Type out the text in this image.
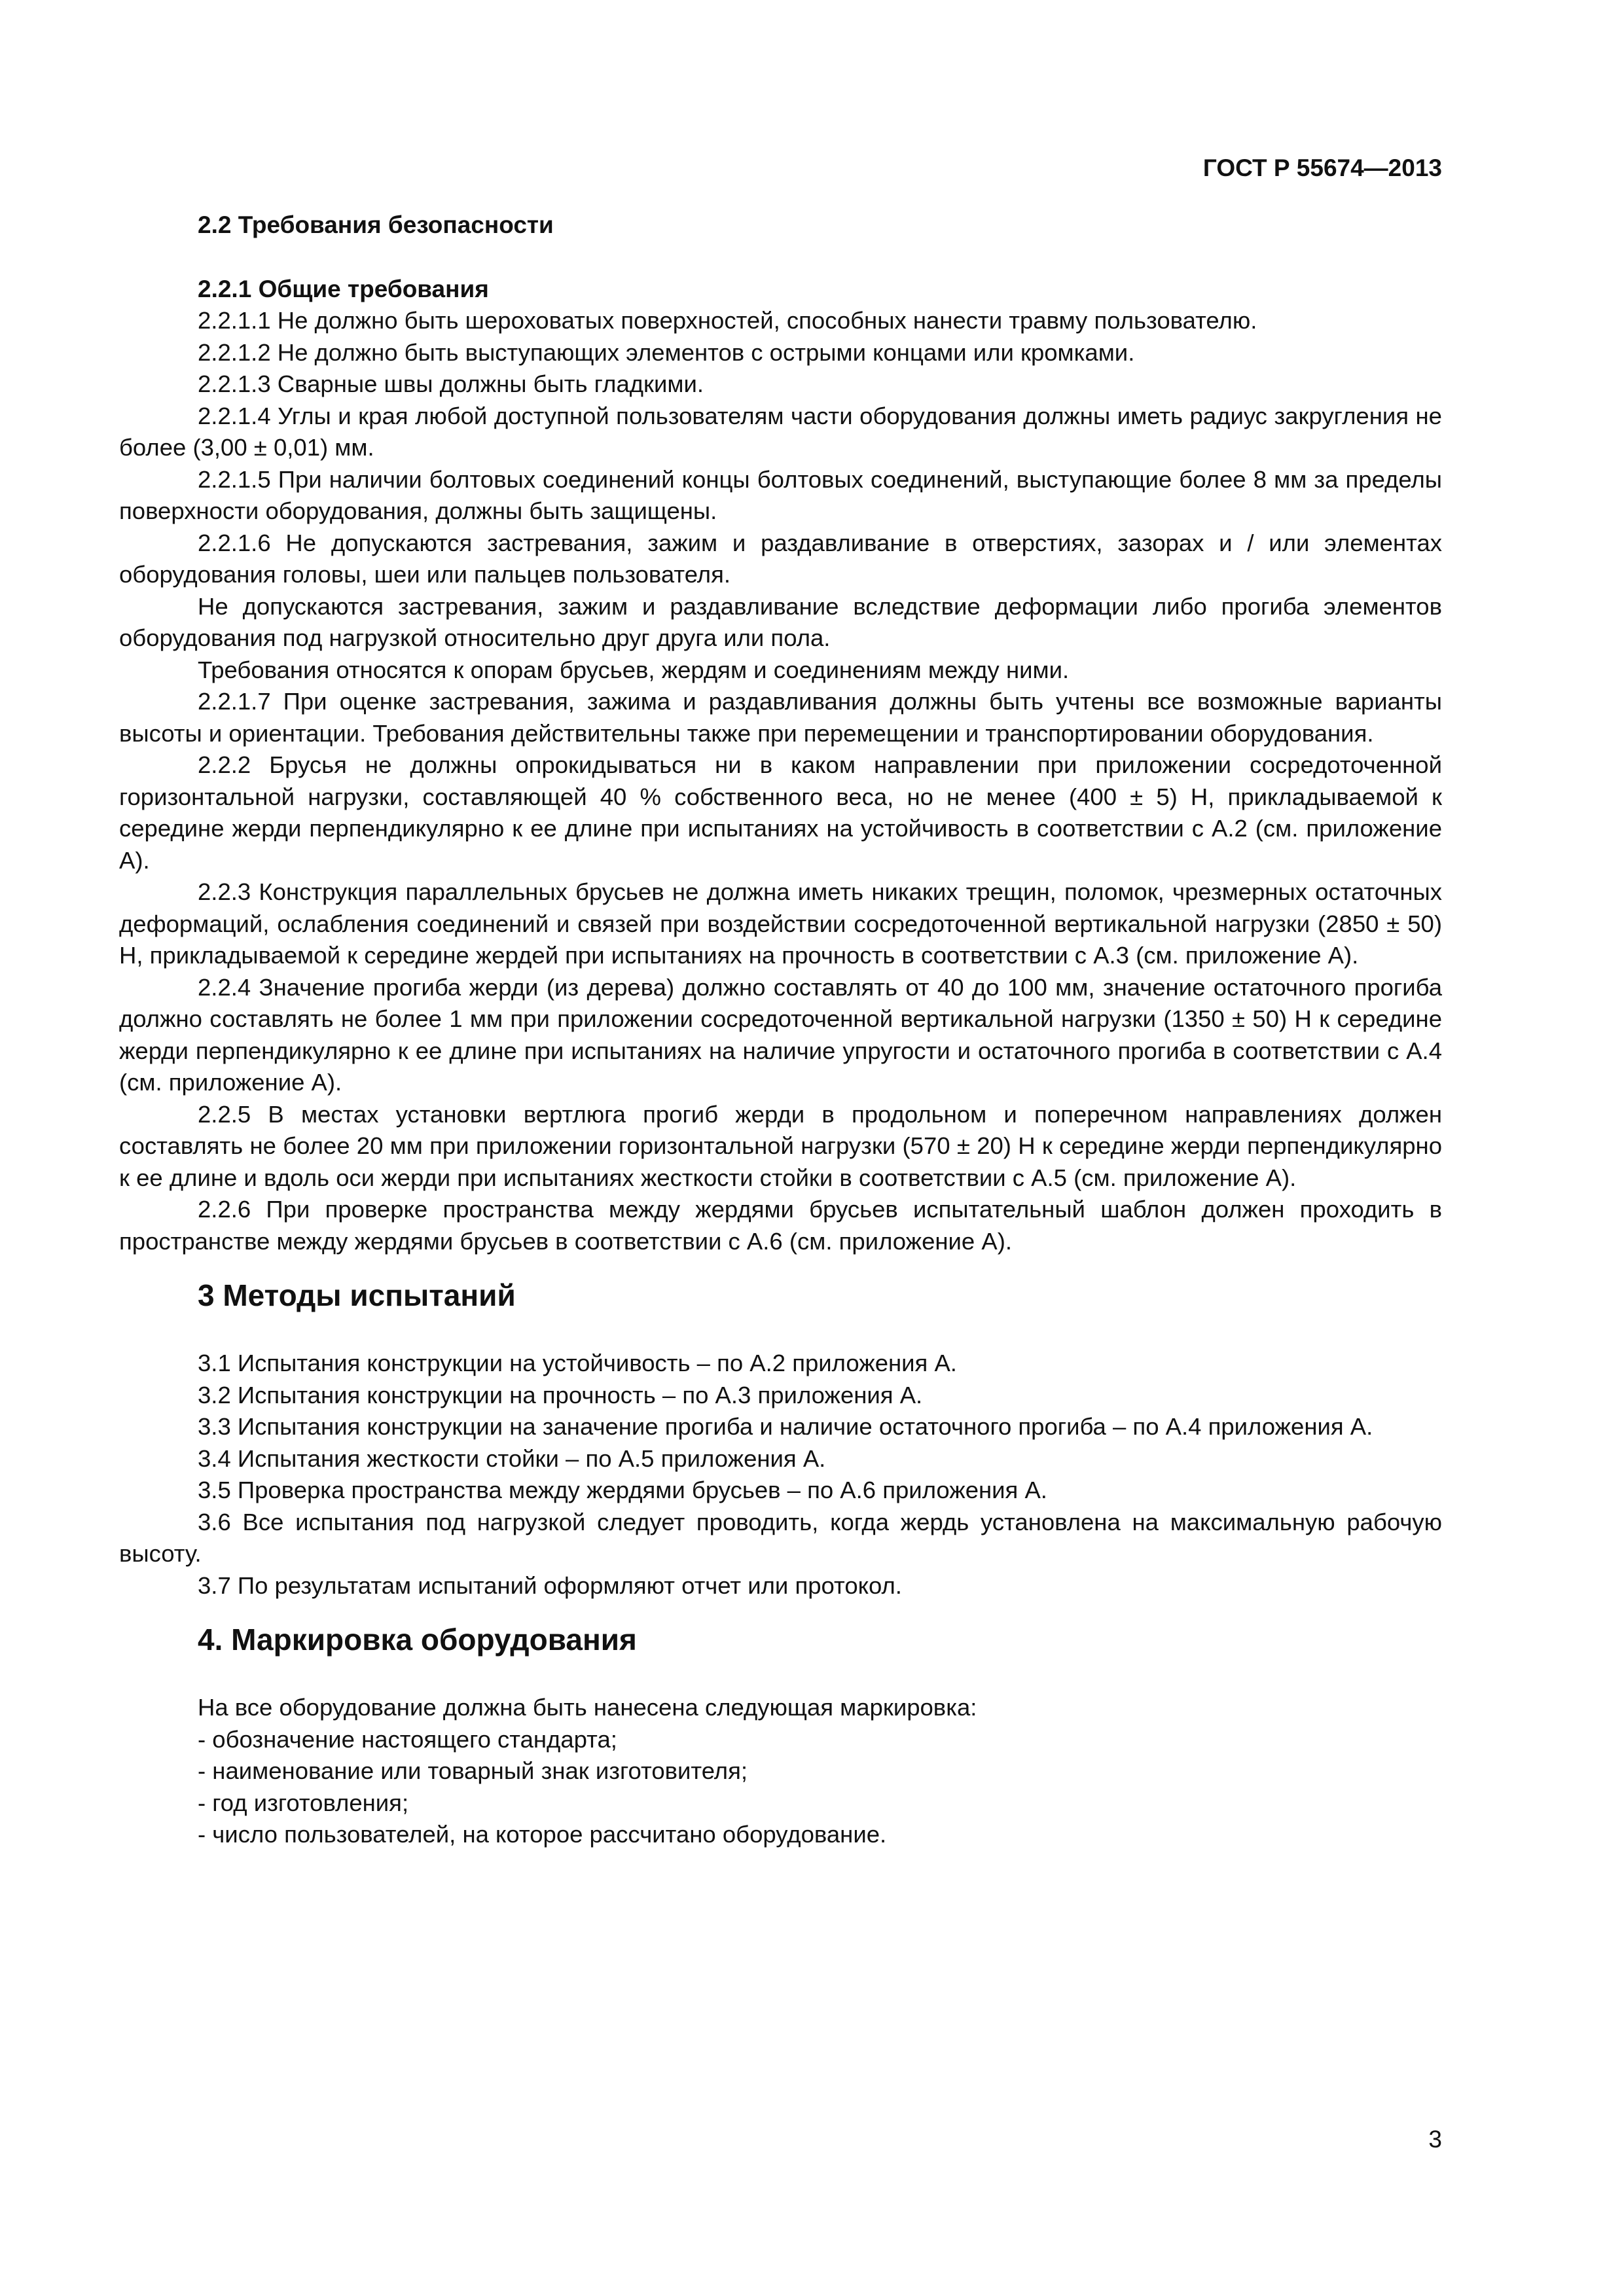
ГОСТ Р 55674—2013

2.2 Требования безопасности

2.2.1 Общие требования

2.2.1.1 Не должно быть шероховатых поверхностей, способных нанести травму пользователю.

2.2.1.2 Не должно быть выступающих элементов с острыми концами или кромками.

2.2.1.3 Сварные швы должны быть гладкими.

2.2.1.4 Углы и края любой доступной пользователям части оборудования должны иметь радиус закругления не более (3,00 ± 0,01) мм.

2.2.1.5 При наличии болтовых соединений концы болтовых соединений, выступающие более 8 мм за пределы поверхности оборудования, должны быть защищены.

2.2.1.6 Не допускаются застревания, зажим и раздавливание в отверстиях, зазорах и / или элементах оборудования головы, шеи или пальцев пользователя.

Не допускаются застревания, зажим и раздавливание вследствие деформации либо прогиба элементов оборудования под нагрузкой относительно друг друга или пола.

Требования относятся к опорам брусьев, жердям и соединениям между ними.

2.2.1.7 При оценке застревания, зажима и раздавливания должны быть учтены все возможные варианты высоты и ориентации. Требования действительны также при перемещении и транспортировании оборудования.

2.2.2 Брусья не должны опрокидываться ни в каком направлении при приложении сосредоточенной горизонтальной нагрузки, составляющей 40 % собственного веса, но не менее (400 ± 5) Н, прикладываемой к середине жерди перпендикулярно к ее длине при испытаниях на устойчивость в соответствии с А.2 (см. приложение А).

2.2.3 Конструкция параллельных брусьев не должна иметь никаких трещин, поломок, чрезмерных остаточных деформаций, ослабления соединений и связей при воздействии сосредоточенной вертикальной нагрузки (2850 ± 50) Н, прикладываемой к середине жердей при испытаниях на прочность в соответствии с А.3 (см. приложение А).

2.2.4 Значение прогиба жерди (из дерева) должно составлять от 40 до 100 мм, значение остаточного прогиба должно составлять не более 1 мм при приложении сосредоточенной вертикальной нагрузки (1350 ± 50) Н к середине жерди перпендикулярно к ее длине при испытаниях на наличие упругости и остаточного прогиба в соответствии с А.4 (см. приложение А).

2.2.5 В местах установки вертлюга прогиб жерди в продольном и поперечном направлениях должен составлять не более 20 мм при приложении горизонтальной нагрузки (570 ± 20) Н к середине жерди перпендикулярно к ее длине и вдоль оси жерди при испытаниях жесткости стойки в соответствии с А.5 (см. приложение А).

2.2.6 При проверке пространства между жердями брусьев испытательный шаблон должен проходить в пространстве между жердями брусьев в соответствии с А.6 (см. приложение А).

3 Методы испытаний

3.1 Испытания конструкции на устойчивость – по А.2 приложения А.

3.2 Испытания конструкции на прочность – по А.3 приложения А.

3.3 Испытания конструкции на заначение прогиба и наличие остаточного прогиба – по А.4 приложения А.

3.4 Испытания жесткости стойки – по А.5 приложения А.

3.5 Проверка пространства между жердями брусьев – по А.6 приложения А.

3.6 Все испытания под нагрузкой следует проводить, когда жердь установлена на максимальную рабочую высоту.

3.7 По результатам испытаний оформляют отчет или протокол.

4. Маркировка оборудования

На все оборудование должна быть нанесена следующая маркировка:

- обозначение настоящего стандарта;

- наименование или товарный знак изготовителя;

- год изготовления;

- число пользователей, на которое рассчитано оборудование.

3
